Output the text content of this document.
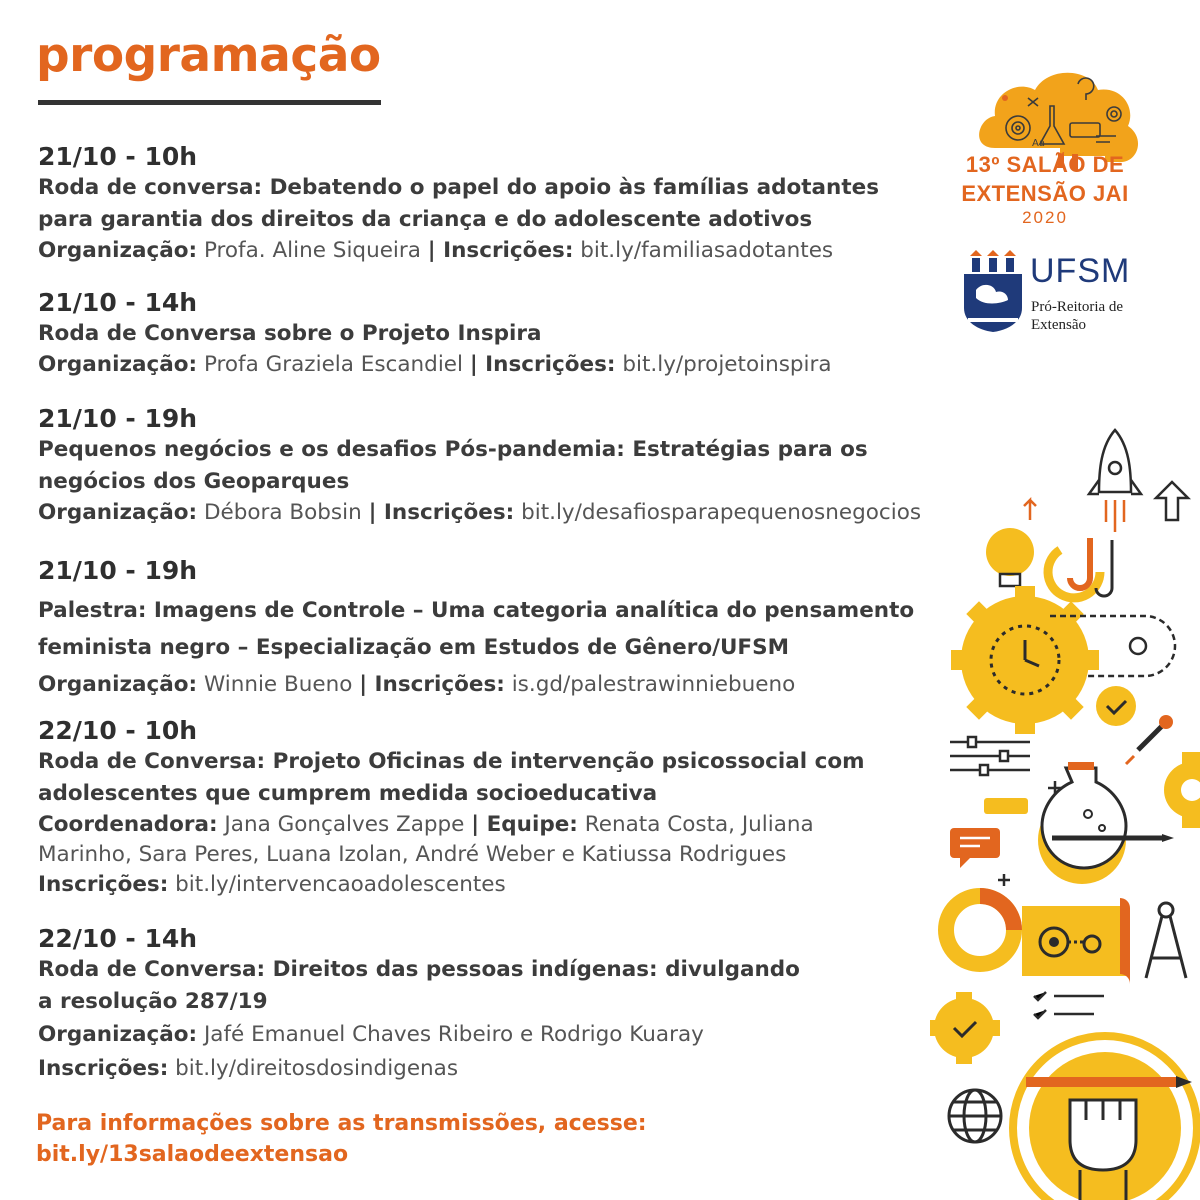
programação
21/10 - 10h
Roda de conversa: Debatendo o papel do apoio às famílias adotantes para garantia dos direitos da criança e do adolescente adotivos
Organização: Profa. Aline Siqueira | Inscrições: bit.ly/familiasadotantes
21/10 - 14h
Roda de Conversa sobre o Projeto Inspira
Organização: Profa Graziela Escandiel | Inscrições: bit.ly/projetoinspira
21/10 - 19h
Pequenos negócios e os desafios Pós-pandemia: Estratégias para os negócios dos Geoparques
Organização: Débora Bobsin | Inscrições: bit.ly/desafiosparapequenosnegocios
21/10 - 19h
Palestra: Imagens de Controle – Uma categoria analítica do pensamento feminista negro – Especialização em Estudos de Gênero/UFSM
Organização: Winnie Bueno | Inscrições: is.gd/palestrawinniebueno
22/10 - 10h
Roda de Conversa: Projeto Oficinas de intervenção psicossocial com adolescentes que cumprem medida socioeducativa
Coordenadora: Jana Gonçalves Zappe | Equipe: Renata Costa, Juliana Marinho, Sara Peres, Luana Izolan, André Weber e Katiussa Rodrigues
Inscrições: bit.ly/intervencaoadolescentes
22/10 - 14h
Roda de Conversa: Direitos das pessoas indígenas: divulgando
a resolução 287/19
Organização: Jafé Emanuel Chaves Ribeiro e Rodrigo Kuaray
Inscrições: bit.ly/direitosdosindigenas
Para informações sobre as transmissões, acesse:
bit.ly/13salaodeextensao
Aa
13º SALÃO DE
EXTENSÃO JAI
2020
UFSM
Pró-Reitoria de
Extensão
